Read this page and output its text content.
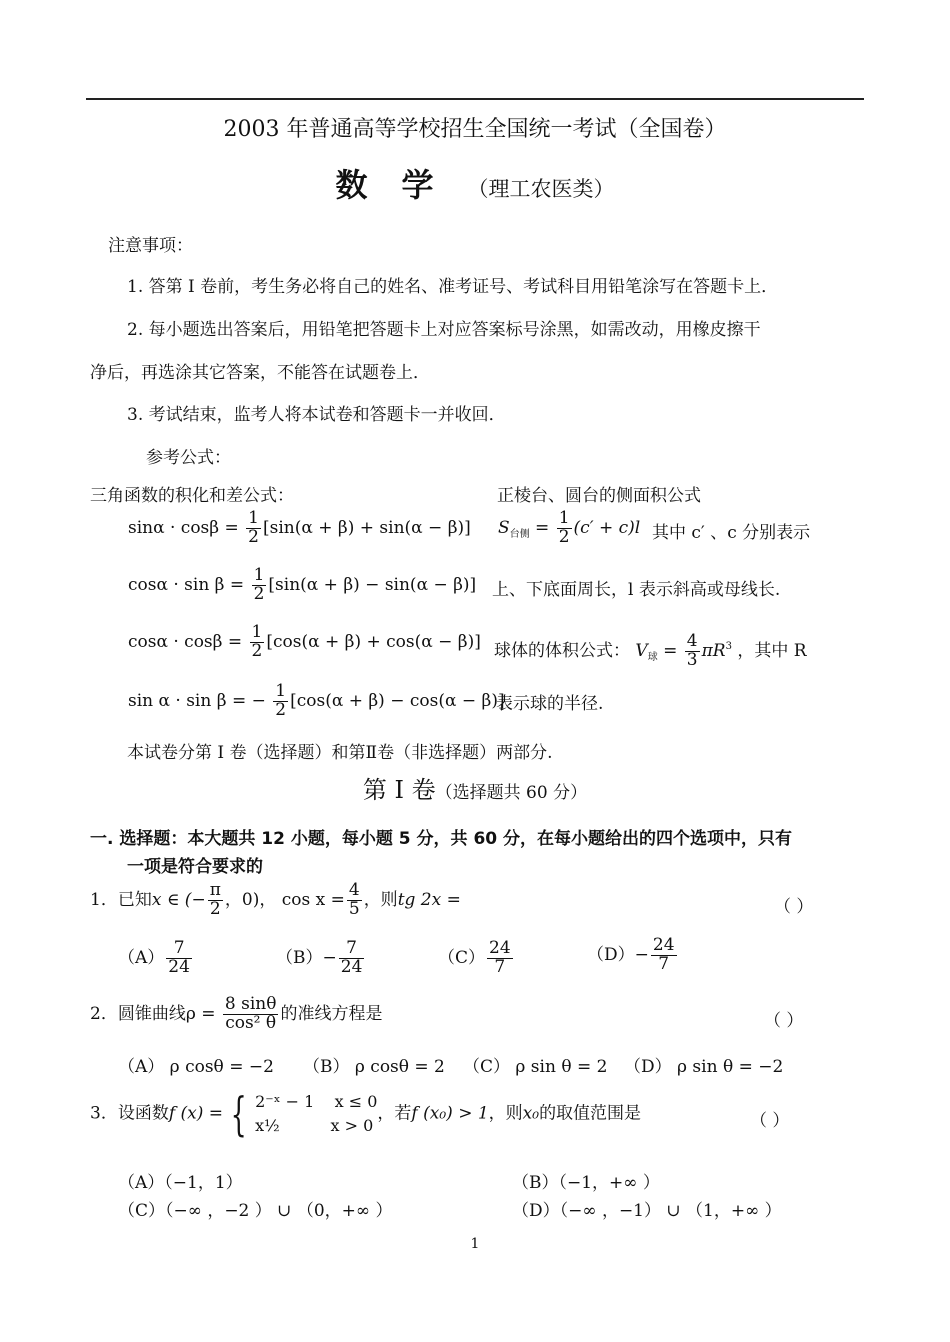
2003 年普通高等学校招生全国统一考试（全国卷）
数学（理工农医类）
注意事项：
1. 答第 I 卷前，考生务必将自己的姓名、准考证号、考试科目用铅笔涂写在答题卡上．
2. 每小题选出答案后，用铅笔把答题卡上对应答案标号涂黑，如需改动，用橡皮擦干
净后，再选涂其它答案，不能答在试题卷上．
3. 考试结束，监考人将本试卷和答题卡一并收回．
参考公式：
三角函数的积化和差公式：	正棱台、圆台的侧面积公式
$\sin\alpha \cdot \cos\beta = \frac{1}{2} [\sin(\alpha + \beta) + \sin(\alpha - \beta)]$
$\cos\alpha \cdot \sin \beta = \frac{1}{2} [\sin(\alpha + \beta) - \sin(\alpha - \beta)]$
$\cos\alpha \cdot \cos\beta = \frac{1}{2} [\cos(\alpha + \beta) + \cos(\alpha - \beta)]$
sin α · sin β = − $\frac{1}{2} [\cos(\alpha + \beta) - \cos(\alpha - \beta)]$
$S_{台侧} = \frac{1}{2} (c' + c)l$ 其中 c′ 、c 分别表示
上、下底面周长，l 表示斜高或母线长.
球体的体积公式： $V_球 = \frac{4}{3} \pi R^3$ ，其中 R
表示球的半径.
本试卷分第 I 卷（选择题）和第Ⅱ卷（非选择题）两部分.
第 I 卷（选择题共 60 分）
一. 选择题：本大题共 12 小题，每小题 5 分，共 60 分，在每小题给出的四个选项中，只有
一项是符合要求的
1．已知x ∈ (− $\frac{\pi}{2}$ ，0)， $\cos x = \frac{4}{5}$ ，则tg 2x =	（ ）
$(A) \frac{7}{24}$	$(B)- \frac{7}{24}$	$(C) \frac{24}{7}$	$(D)- \frac{24}{7}$
2．圆锥曲线$\rho = \frac{8 \sin\theta}{\text{cos² θ}}$ 的准线方程是	（ ）
（A） ρ cosθ = −2 （B） ρ cosθ = 2 （C） ρ sin θ = 2 （D） ρ sin θ = −2
3．设函数f (x) = { 2⁻ˣ − 1    x ≤ 0
x½          x > 0
，若f (x₀) > 1，则x₀的取值范围是	（ ）
（A）（−1，1）	（B）（−1，+∞ ）
（C）（−∞ ，−2 ） ∪ （0，+∞ ）	（D）（−∞ ，−1） ∪ （1，+∞ ）
1
